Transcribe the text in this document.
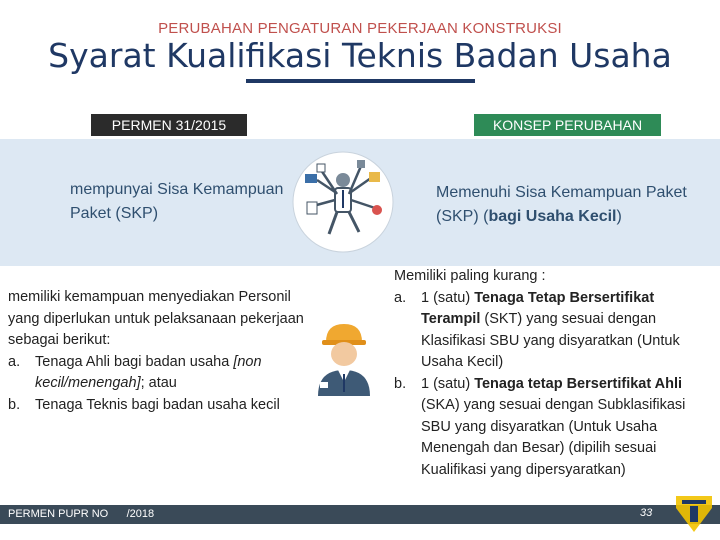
PERUBAHAN PENGATURAN PEKERJAAN KONSTRUKSI
Syarat Kualifikasi Teknis Badan Usaha
PERMEN 31/2015	KONSEP PERUBAHAN
mempunyai Sisa Kemampuan Paket (SKP)
Memenuhi Sisa Kemampuan Paket (SKP) (bagi Usaha Kecil)
memiliki kemampuan menyediakan Personil yang diperlukan untuk pelaksanaan pekerjaan sebagai berikut:
a.	Tenaga Ahli bagi badan usaha [non kecil/menengah]; atau
b.	Tenaga Teknis bagi badan usaha kecil
Memiliki paling kurang :
a.	1 (satu) Tenaga Tetap Bersertifikat Terampil (SKT) yang sesuai dengan Klasifikasi SBU yang disyaratkan (Untuk Usaha Kecil)
b.	1 (satu) Tenaga tetap Bersertifikat Ahli (SKA) yang sesuai dengan Subklasifikasi SBU yang disyaratkan (Untuk Usaha Menengah dan Besar) (dipilih sesuai Kualifikasi yang dipersyaratkan)
PERMEN PUPR NO /2018	33
